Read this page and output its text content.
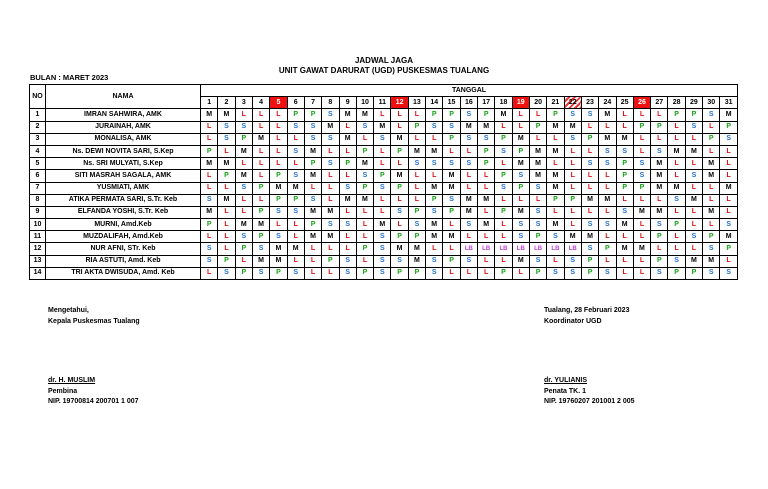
JADWAL JAGA
UNIT GAWAT DARURAT (UGD) PUSKESMAS TUALANG
BULAN : MARET 2023
NO	NAMA	TANGGAL																														
		1	2	3	4	5	6	7	8	9	10	11	12	13	14	15	16	17	18	19	20	21	22	23	24	25	26	27	28	29	30	31
1	IMRAN SAHWIRA, AMK	M	M	L	L	L	P	P	S	M	M	L	L	L	P	P	S	P	M	L	L	P	S	S	M	L	L	L	P	P	S	M
2	JURAINAH, AMK	L	S	S	L	L	S	S	M	L	S	M	L	P	S	S	M	M	L	L	P	M	M	L	L	L	P	P	L	S	L	P
3	MONALISA, AMK	L	S	P	M	L	L	S	S	M	L	S	M	L	L	P	S	S	P	M	L	L	S	P	M	M	L	L	L	L	P	S
4	Ns. DEWI NOVITA SARI, S.Kep	P	L	M	L	L	S	M	L	L	P	L	P	M	M	L	L	P	S	P	M	M	L	L	S	S	L	S	M	M	L	L
5	Ns. SRI MULYATI, S.Kep	M	M	L	L	L	L	P	S	P	M	L	L	S	S	S	S	P	L	M	M	L	L	S	S	P	S	M	L	L	M	L
6	SITI MASRAH SAGALA, AMK	L	P	M	L	P	S	M	L	L	S	P	M	L	L	M	L	L	P	S	M	M	L	L	L	P	S	M	L	S	M	L
7	YUSMIATI, AMK	L	L	S	P	M	M	L	L	S	P	S	P	L	M	M	L	L	S	P	S	M	L	L	L	P	P	M	M	L	L	M
8	ATIKA PERMATA SARI, S.Tr. Keb	S	M	L	L	P	P	S	L	M	M	L	L	L	P	S	M	M	L	L	L	P	P	M	M	L	L	L	S	M	L	L
9	ELFANDA YOSHI, S.Tr. Keb	M	L	L	P	S	S	M	M	L	L	L	S	P	S	P	M	L	P	M	S	L	L	L	L	S	M	M	L	L	M	L
10	MURNI, Amd.Keb	P	L	M	M	L	L	P	S	S	L	M	L	S	M	L	S	M	L	S	S	M	L	S	S	M	L	S	P	L	L	S
11	MUZDALIFAH, Amd.Keb	L	L	S	P	S	L	M	M	L	L	S	P	P	M	M	L	L	L	S	P	S	M	M	L	L	L	P	L	S	P	M
12	NUR AFNI, STr. Keb	S	L	P	S	M	M	L	L	L	P	S	M	M	L	L	LB	LB	LB	LB	LB	LB	LB	S	P	M	M	L	L	L	S	P
13	RIA ASTUTI, Amd. Keb	S	P	L	M	M	L	L	P	S	L	S	S	M	S	P	S	L	L	M	S	L	S	P	L	L	L	P	S	M	M	L
14	TRI AKTA DWISUDA, Amd. Keb	L	S	P	S	P	S	L	L	S	P	S	P	P	S	L	L	L	P	L	P	S	S	P	S	L	L	S	P	P	S	S
Mengetahui,
Kepala Puskesmas Tualang
dr. H. MUSLIM
Pembina
NIP. 19700814 200701 1 007
Tualang, 28 Februari 2023
Koordinator UGD
dr. YULIANIS
Penata TK. 1
NIP. 19760207 201001 2 005
